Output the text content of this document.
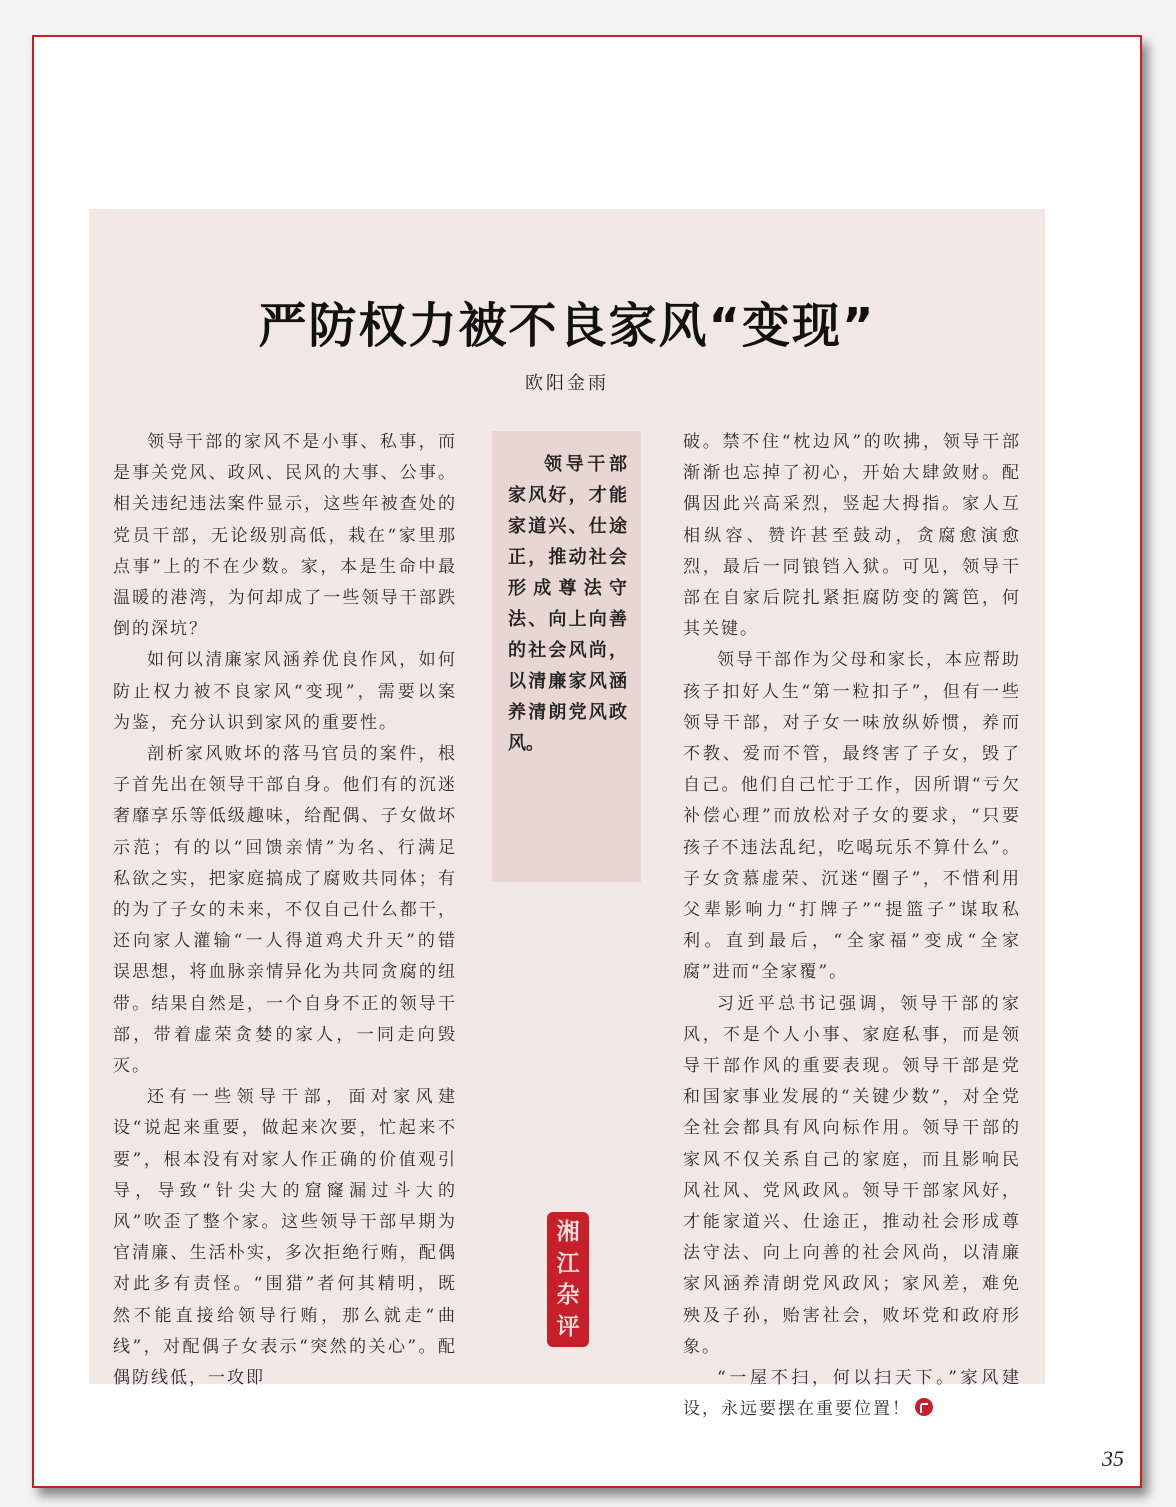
严防权力被不良家风“变现”
欧阳金雨

领导干部的家风不是小事、私事，而是事关党风、政风、民风的大事、公事。相关违纪违法案件显示，这些年被查处的党员干部，无论级别高低，栽在“家里那点事”上的不在少数。家，本是生命中最温暖的港湾，为何却成了一些领导干部跌倒的深坑？

如何以清廉家风涵养优良作风，如何防止权力被不良家风“变现”，需要以案为鉴，充分认识到家风的重要性。

剖析家风败坏的落马官员的案件，根子首先出在领导干部自身。他们有的沉迷奢靡享乐等低级趣味，给配偶、子女做坏示范；有的以“回馈亲情”为名、行满足私欲之实，把家庭搞成了腐败共同体；有的为了子女的未来，不仅自己什么都干，还向家人灌输“一人得道鸡犬升天”的错误思想，将血脉亲情异化为共同贪腐的纽带。结果自然是，一个自身不正的领导干部，带着虚荣贪婪的家人，一同走向毁灭。

还有一些领导干部，面对家风建设“说起来重要，做起来次要，忙起来不要”，根本没有对家人作正确的价值观引导，导致“针尖大的窟窿漏过斗大的风”吹歪了整个家。这些领导干部早期为官清廉、生活朴实，多次拒绝行贿，配偶对此多有责怪。“围猎”者何其精明，既然不能直接给领导行贿，那么就走“曲线”，对配偶子女表示“突然的关心”。配偶防线低，一攻即

领导干部家风好，才能家道兴、仕途正，推动社会形成尊法守法、向上向善的社会风尚，以清廉家风涵养清朗党风政风。

破。禁不住“枕边风”的吹拂，领导干部渐渐也忘掉了初心，开始大肆敛财。配偶因此兴高采烈，竖起大拇指。家人互相纵容、赞许甚至鼓动，贪腐愈演愈烈，最后一同锒铛入狱。可见，领导干部在自家后院扎紧拒腐防变的篱笆，何其关键。

领导干部作为父母和家长，本应帮助孩子扣好人生“第一粒扣子”，但有一些领导干部，对子女一味放纵娇惯，养而不教、爱而不管，最终害了子女，毁了自己。他们自己忙于工作，因所谓“亏欠补偿心理”而放松对子女的要求，“只要孩子不违法乱纪，吃喝玩乐不算什么”。子女贪慕虚荣、沉迷“圈子”，不惜利用父辈影响力“打牌子”“提篮子”谋取私利。直到最后，“全家福”变成“全家腐”进而“全家覆”。

习近平总书记强调，领导干部的家风，不是个人小事、家庭私事，而是领导干部作风的重要表现。领导干部是党和国家事业发展的“关键少数”，对全党全社会都具有风向标作用。领导干部的家风不仅关系自己的家庭，而且影响民风社风、党风政风。领导干部家风好，才能家道兴、仕途正，推动社会形成尊法守法、向上向善的社会风尚，以清廉家风涵养清朗党风政风；家风差，难免殃及子孙，贻害社会，败坏党和政府形象。

“一屋不扫，何以扫天下。”家风建设，永远要摆在重要位置！

湘
江
杂
评
35
